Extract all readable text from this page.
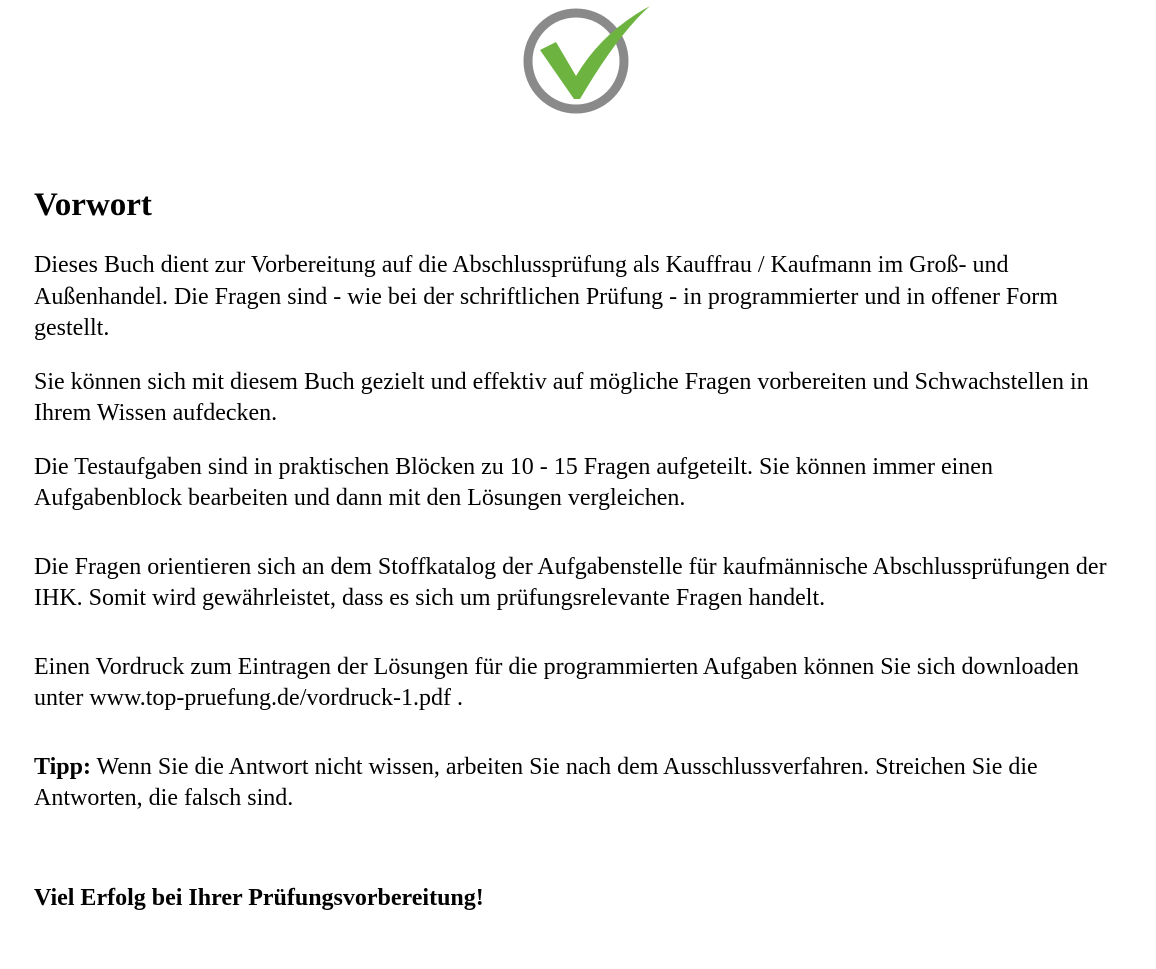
Vorwort

Dieses Buch dient zur Vorbereitung auf die Abschlussprüfung als Kauffrau / Kaufmann im Groß- und Außenhandel. Die Fragen sind - wie bei der schriftlichen Prüfung - in programmierter und in offener Form gestellt.

Sie können sich mit diesem Buch gezielt und effektiv auf mögliche Fragen vorbereiten und Schwachstellen in Ihrem Wissen aufdecken.

Die Testaufgaben sind in praktischen Blöcken zu 10 - 15 Fragen aufgeteilt. Sie können immer einen Aufgabenblock bearbeiten und dann mit den Lösungen vergleichen.

Die Fragen orientieren sich an dem Stoffkatalog der Aufgabenstelle für kaufmännische Abschlussprüfungen der IHK. Somit wird gewährleistet, dass es sich um prüfungsrelevante Fragen handelt.

Einen Vordruck zum Eintragen der Lösungen für die programmierten Aufgaben können Sie sich downloaden unter www.top-pruefung.de/vordruck-1.pdf .

Tipp: Wenn Sie die Antwort nicht wissen, arbeiten Sie nach dem Ausschlussverfahren. Streichen Sie die Antworten, die falsch sind.

Viel Erfolg bei Ihrer Prüfungsvorbereitung!
